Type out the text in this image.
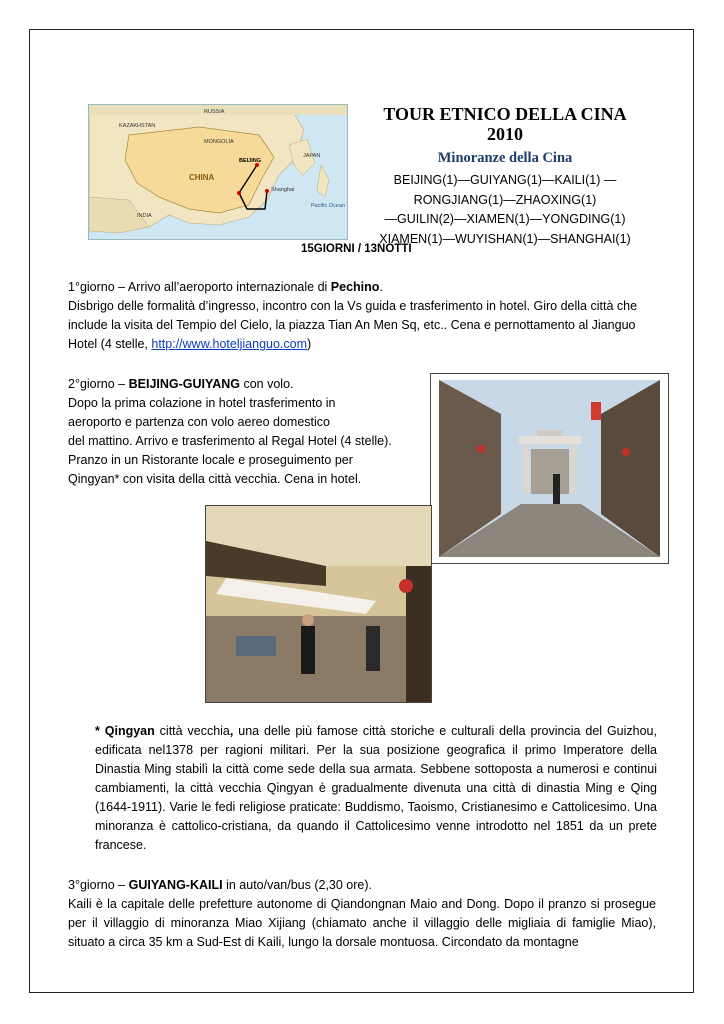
KAZAKHSTAN
RUSSIA
MONGOLIA
CHINA
INDIA
BEIJING
Shanghai
JAPAN
Pacific Ocean
TOUR ETNICO DELLA CINA
2010
Minoranze della Cina
BEIJING(1)—GUIYANG(1)—KAILI(1) —
RONGJIANG(1)—ZHAOXING(1)
—GUILIN(2)—XIAMEN(1)—YONGDING(1)
XIAMEN(1)—WUYISHAN(1)—SHANGHAI(1)
15GIORNI / 13NOTTI
1°giorno – Arrivo all’aeroporto internazionale di Pechino.
Disbrigo delle formalità d’ingresso, incontro con la Vs guida e trasferimento in hotel. Giro della città che include la visita del Tempio del Cielo, la piazza Tian An Men Sq, etc.. Cena e pernottamento al Jianguo Hotel (4 stelle, http://www.hoteljianguo.com)
2°giorno – BEIJING-GUIYANG con volo.
Dopo la prima colazione in hotel trasferimento in
aeroporto e partenza con volo aereo domestico
del mattino. Arrivo e trasferimento al Regal Hotel (4 stelle).
Pranzo in un Ristorante locale e proseguimento per
Qingyan* con visita della città vecchia. Cena in hotel.
* Qingyan città vecchia, una delle più famose città storiche e culturali della provincia del Guizhou, edificata nel1378 per ragioni militari. Per la sua posizione geografica il primo Imperatore della Dinastia Ming stabilì la città come sede della sua armata. Sebbene sottoposta a numerosi e continui cambiamenti, la città vecchia Qingyan è gradualmente divenuta una città di dinastia Ming e Qing (1644-1911). Varie le fedi religiose praticate: Buddismo, Taoismo, Cristianesimo e Cattolicesimo. Una minoranza è cattolico-cristiana, da quando il Cattolicesimo venne introdotto nel 1851 da un prete francese.
3°giorno – GUIYANG-KAILI in auto/van/bus (2,30 ore).
Kaili è la capitale delle prefetture autonome di Qiandongnan Maio and Dong. Dopo il pranzo si prosegue per il villaggio di minoranza Miao Xijiang (chiamato anche il villaggio delle migliaia di famiglie Miao), situato a circa 35 km a Sud-Est di Kaili, lungo la dorsale montuosa. Circondato da montagne
